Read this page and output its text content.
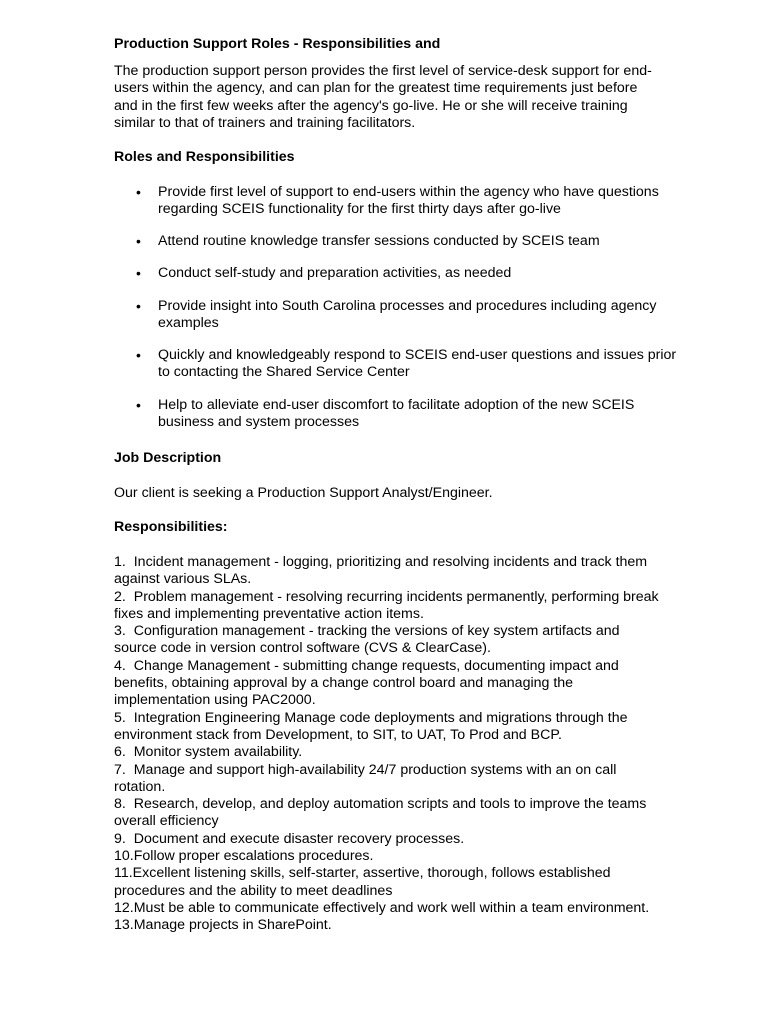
Production Support Roles - Responsibilities and
The production support person provides the first level of service-desk support for end-users within the agency, and can plan for the greatest time requirements just before and in the first few weeks after the agency's go-live. He or she will receive training similar to that of trainers and training facilitators.
Roles and Responsibilities
• Provide first level of support to end-users within the agency who have questions regarding SCEIS functionality for the first thirty days after go-live
• Attend routine knowledge transfer sessions conducted by SCEIS team
• Conduct self-study and preparation activities, as needed
• Provide insight into South Carolina processes and procedures including agency examples
• Quickly and knowledgeably respond to SCEIS end-user questions and issues prior to contacting the Shared Service Center
• Help to alleviate end-user discomfort to facilitate adoption of the new SCEIS business and system processes
Job Description
Our client is seeking a Production Support Analyst/Engineer.
Responsibilities:
1. Incident management - logging, prioritizing and resolving incidents and track them against various SLAs.
2. Problem management - resolving recurring incidents permanently, performing break fixes and implementing preventative action items.
3. Configuration management - tracking the versions of key system artifacts and source code in version control software (CVS & ClearCase).
4. Change Management - submitting change requests, documenting impact and benefits, obtaining approval by a change control board and managing the implementation using PAC2000.
5. Integration Engineering Manage code deployments and migrations through the environment stack from Development, to SIT, to UAT, To Prod and BCP.
6. Monitor system availability.
7. Manage and support high-availability 24/7 production systems with an on call rotation.
8. Research, develop, and deploy automation scripts and tools to improve the teams overall efficiency
9. Document and execute disaster recovery processes.
10.Follow proper escalations procedures.
11.Excellent listening skills, self-starter, assertive, thorough, follows established procedures and the ability to meet deadlines
12.Must be able to communicate effectively and work well within a team environment.
13.Manage projects in SharePoint.
